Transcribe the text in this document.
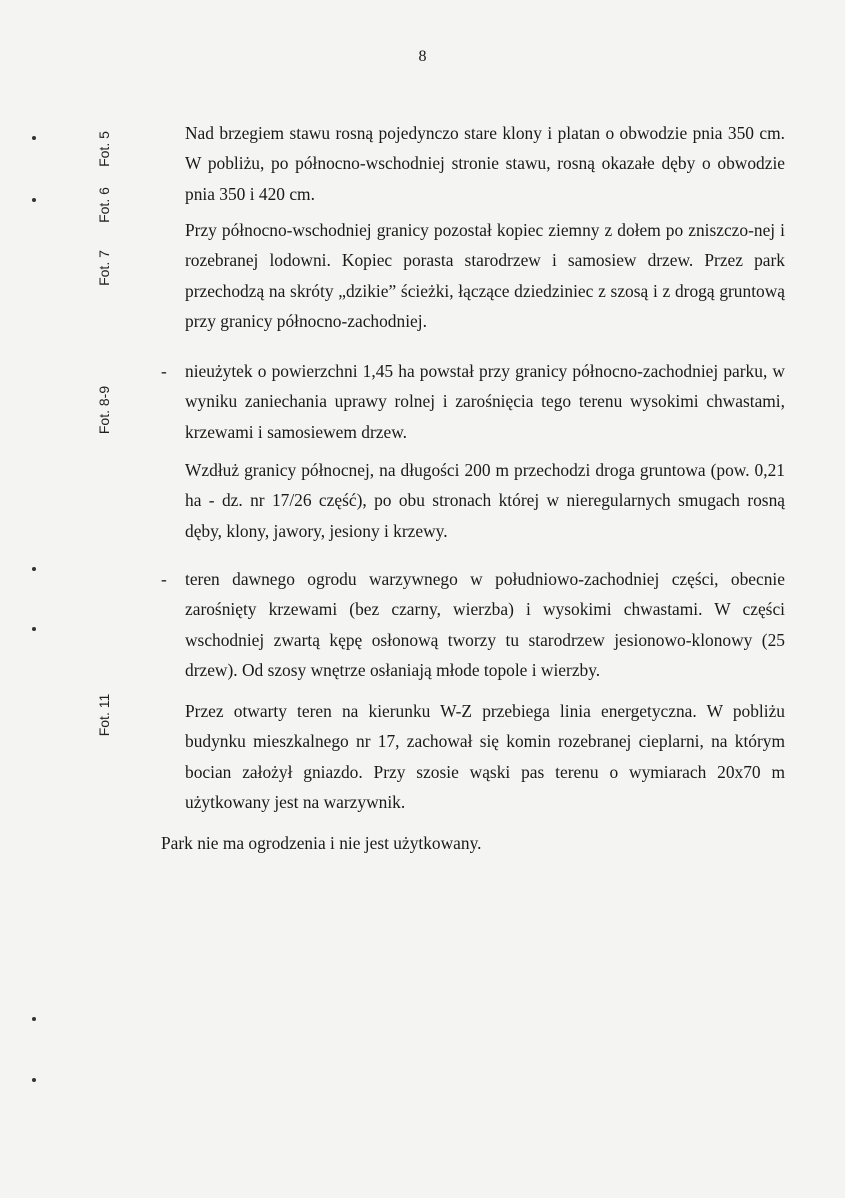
8
Fot. 5
Fot. 6
Fot. 7
Fot. 8-9
Fot. 11

Nad brzegiem stawu rosną pojedynczo stare klony i platan o obwodzie pnia 350 cm. W pobliżu, po północno-wschodniej stronie stawu, rosną okazałe dęby o obwodzie pnia 350 i 420 cm.

Przy północno-wschodniej granicy pozostał kopiec ziemny z dołem po zniszczo-nej i rozebranej lodowni. Kopiec porasta starodrzew i samosiew drzew. Przez park przechodzą na skróty „dzikie” ścieżki, łączące dziedziniec z szosą i z drogą gruntową przy granicy północno-zachodniej.

- nieużytek o powierzchni 1,45 ha powstał przy granicy północno-zachodniej parku, w wyniku zaniechania uprawy rolnej i zarośnięcia tego terenu wysokimi chwastami, krzewami i samosiewem drzew.

Wzdłuż granicy północnej, na długości 200 m przechodzi droga gruntowa (pow. 0,21 ha - dz. nr 17/26 część), po obu stronach której w nieregularnych smugach rosną dęby, klony, jawory, jesiony i krzewy.

- teren dawnego ogrodu warzywnego w południowo-zachodniej części, obecnie zarośnięty krzewami (bez czarny, wierzba) i wysokimi chwastami. W części wschodniej zwartą kępę osłonową tworzy tu starodrzew jesionowo-klonowy (25 drzew). Od szosy wnętrze osłaniają młode topole i wierzby.

Przez otwarty teren na kierunku W-Z przebiega linia energetyczna. W pobliżu budynku mieszkalnego nr 17, zachował się komin rozebranej cieplarni, na którym bocian założył gniazdo. Przy szosie wąski pas terenu o wymiarach 20x70 m użytkowany jest na warzywnik.

Park nie ma ogrodzenia i nie jest użytkowany.
